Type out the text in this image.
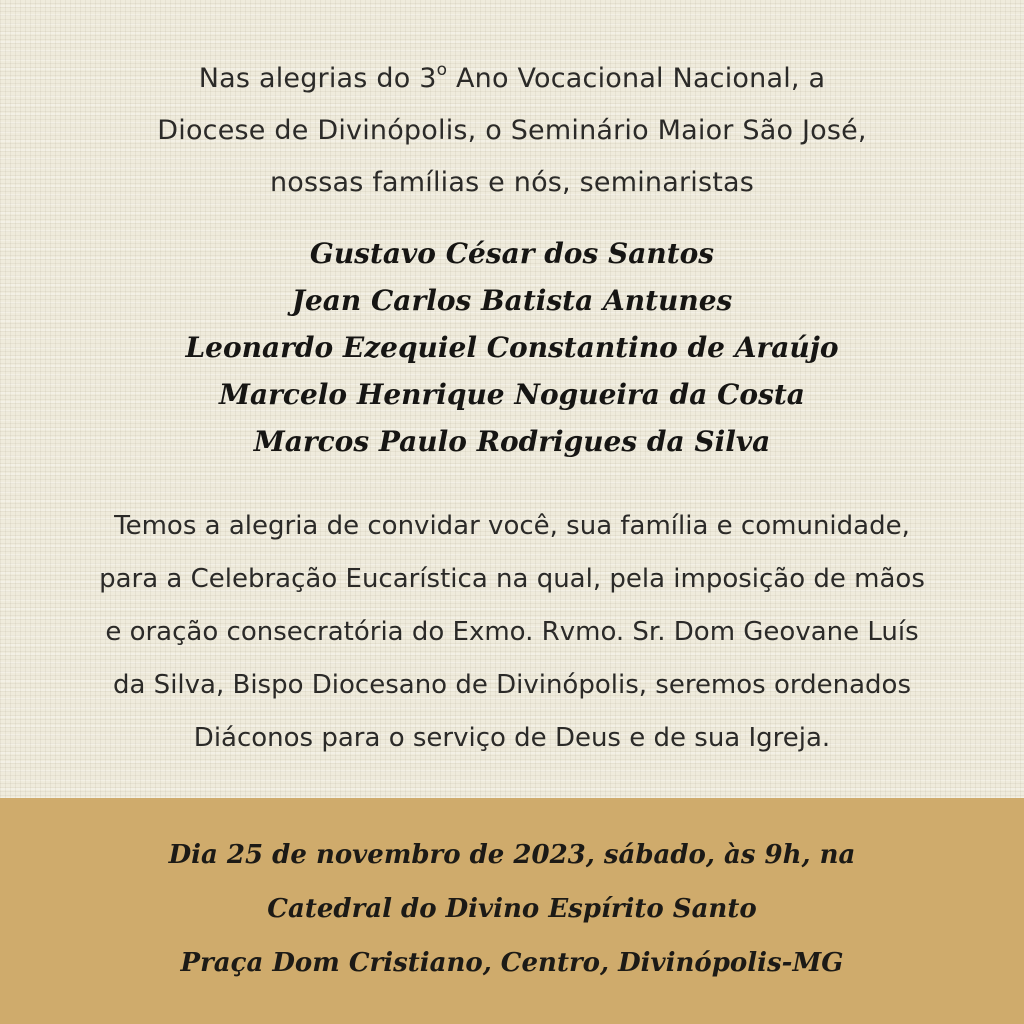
Nas alegrias do 3$^o$ Ano Vocacional Nacional, a
Diocese de Divinópolis, o Seminário Maior São José,
nossas famílias e nós, seminaristas
Gustavo César dos Santos
Jean Carlos Batista Antunes
Leonardo Ezequiel Constantino de Araújo
Marcelo Henrique Nogueira da Costa
Marcos Paulo Rodrigues da Silva
Temos a alegria de convidar você, sua família e comunidade,
para a Celebração Eucarística na qual, pela imposição de mãos
e oração consecratória do Exmo. Rvmo. Sr. Dom Geovane Luís
da Silva, Bispo Diocesano de Divinópolis, seremos ordenados
Diáconos para o serviço de Deus e de sua Igreja.
Dia 25 de novembro de 2023, sábado, às 9h, na
Catedral do Divino Espírito Santo
Praça Dom Cristiano, Centro, Divinópolis-MG
